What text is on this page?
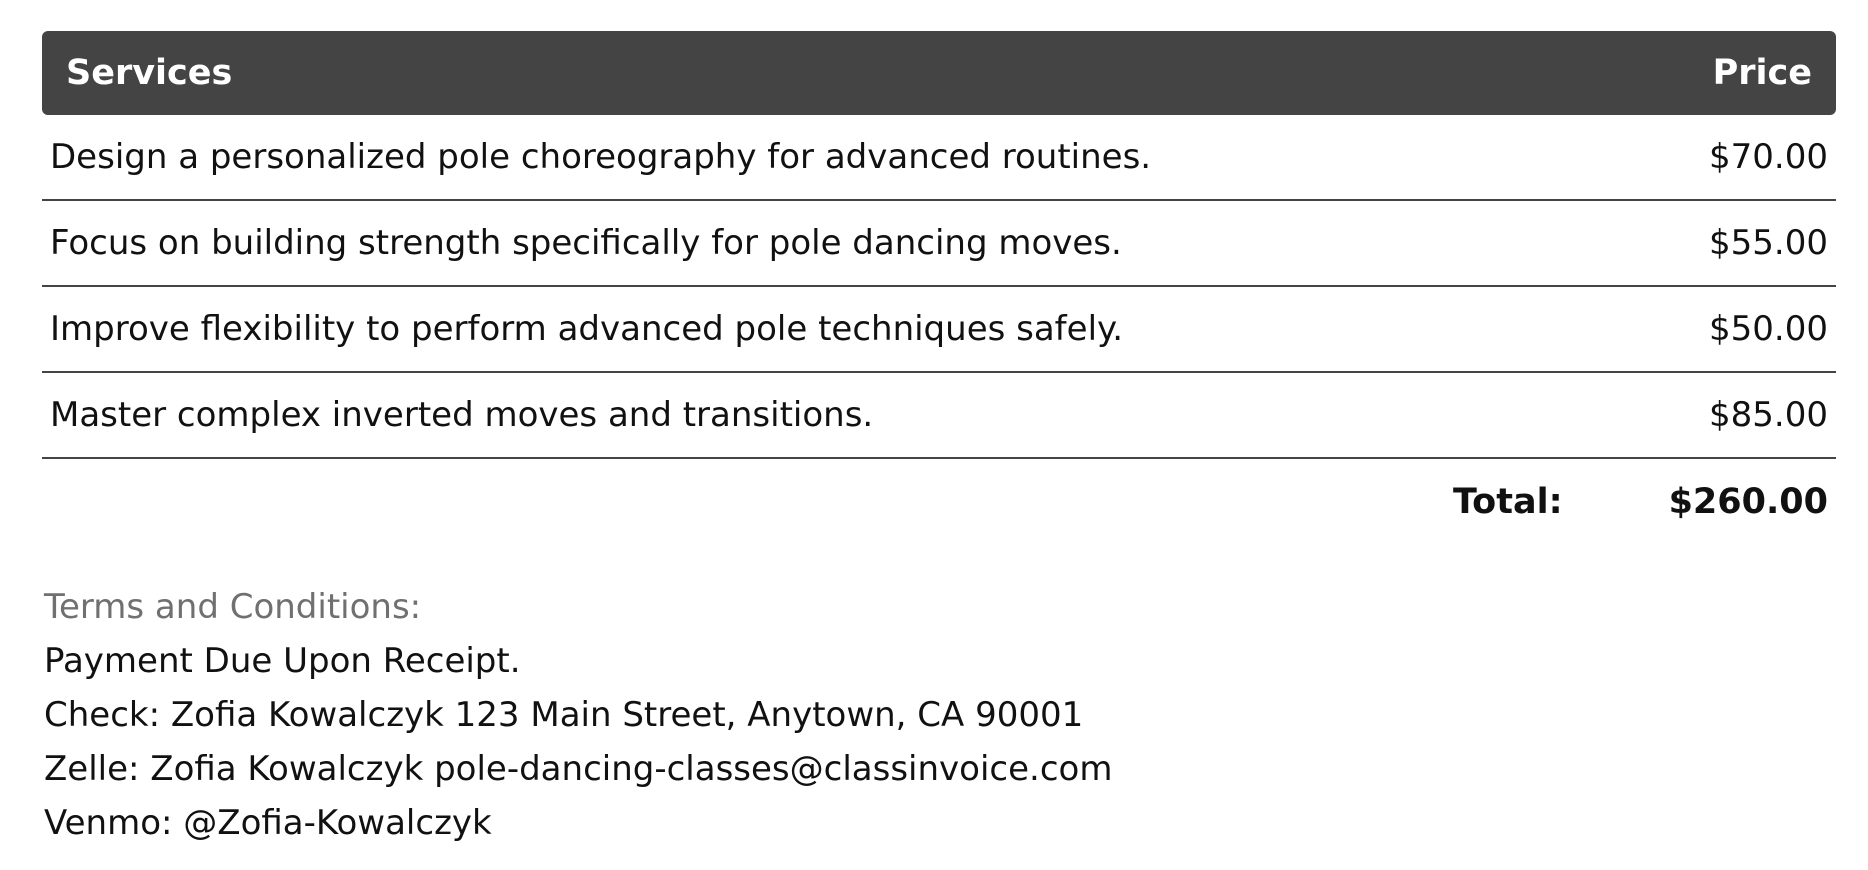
Services	Price
Design a personalized pole choreography for advanced routines.	$70.00
Focus on building strength specifically for pole dancing moves.	$55.00
Improve flexibility to perform advanced pole techniques safely.	$50.00
Master complex inverted moves and transitions.	$85.00
Total:	$260.00
Terms and Conditions:
Payment Due Upon Receipt.
Check: Zofia Kowalczyk 123 Main Street, Anytown, CA 90001
Zelle: Zofia Kowalczyk pole-dancing-classes@classinvoice.com
Venmo: @Zofia-Kowalczyk
